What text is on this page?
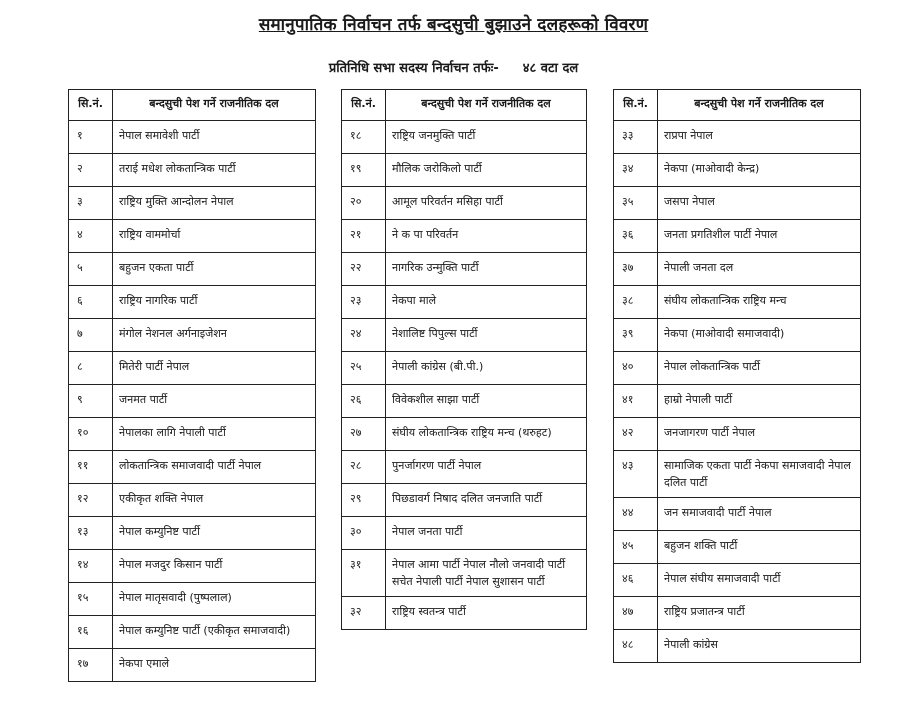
समानुपातिक निर्वाचन तर्फ बन्दसुची बुझाउने दलहरूको विवरण
प्रतिनिधि सभा सदस्य निर्वाचन तर्फः- ४८ वटा दल
सि.नं.	बन्दसुची पेश गर्ने राजनीतिक दल
१	नेपाल समावेशी पार्टी
२	तराई मधेश लोकतान्त्रिक पार्टी
३	राष्ट्रिय मुक्ति आन्दोलन नेपाल
४	राष्ट्रिय वाममोर्चा
५	बहुजन एकता पार्टी
६	राष्ट्रिय नागरिक पार्टी
७	मंगोल नेशनल अर्गनाइजेशन
८	मितेरी पार्टी नेपाल
९	जनमत पार्टी
१०	नेपालका लागि नेपाली पार्टी
११	लोकतान्त्रिक समाजवादी पार्टी नेपाल
१२	एकीकृत शक्ति नेपाल
१३	नेपाल कम्युनिष्ट पार्टी
१४	नेपाल मजदुर किसान पार्टी
१५	नेपाल मातृसवादी (पुष्पलाल)
१६	नेपाल कम्युनिष्ट पार्टी (एकीकृत समाजवादी)
१७	नेकपा एमाले
सि.नं.	बन्दसुची पेश गर्ने राजनीतिक दल
१८	राष्ट्रिय जनमुक्ति पार्टी
१९	मौलिक जरोकिलो पार्टी
२०	आमूल परिवर्तन मसिहा पार्टी
२१	ने क पा परिवर्तन
२२	नागरिक उन्मुक्ति पार्टी
२३	नेकपा माले
२४	नेशालिष्ट पिपुल्स पार्टी
२५	नेपाली कांग्रेस (बी.पी.)
२६	विवेकशील साझा पार्टी
२७	संघीय लोकतान्त्रिक राष्ट्रिय मन्च (थरुहट)
२८	पुनर्जागरण पार्टी नेपाल
२९	पिछडावर्ग निषाद दलित जनजाति पार्टी
३०	नेपाल जनता पार्टी
३१	नेपाल आमा पार्टी नेपाल नौलो जनवादी पार्टी सचेत नेपाली पार्टी नेपाल सुशासन पार्टी
३२	राष्ट्रिय स्वतन्त्र पार्टी
सि.नं.	बन्दसुची पेश गर्ने राजनीतिक दल
३३	राप्रपा नेपाल
३४	नेकपा (माओवादी केन्द्र)
३५	जसपा नेपाल
३६	जनता प्रगतिशील पार्टी नेपाल
३७	नेपाली जनता दल
३८	संघीय लोकतान्त्रिक राष्ट्रिय मन्च
३९	नेकपा (माओवादी समाजवादी)
४०	नेपाल लोकतान्त्रिक पार्टी
४१	हाम्रो नेपाली पार्टी
४२	जनजागरण पार्टी नेपाल
४३	सामाजिक एकता पार्टी नेकपा समाजवादी नेपाल दलित पार्टी
४४	जन समाजवादी पार्टी नेपाल
४५	बहुजन शक्ति पार्टी
४६	नेपाल संघीय समाजवादी पार्टी
४७	राष्ट्रिय प्रजातन्त्र पार्टी
४८	नेपाली कांग्रेस
